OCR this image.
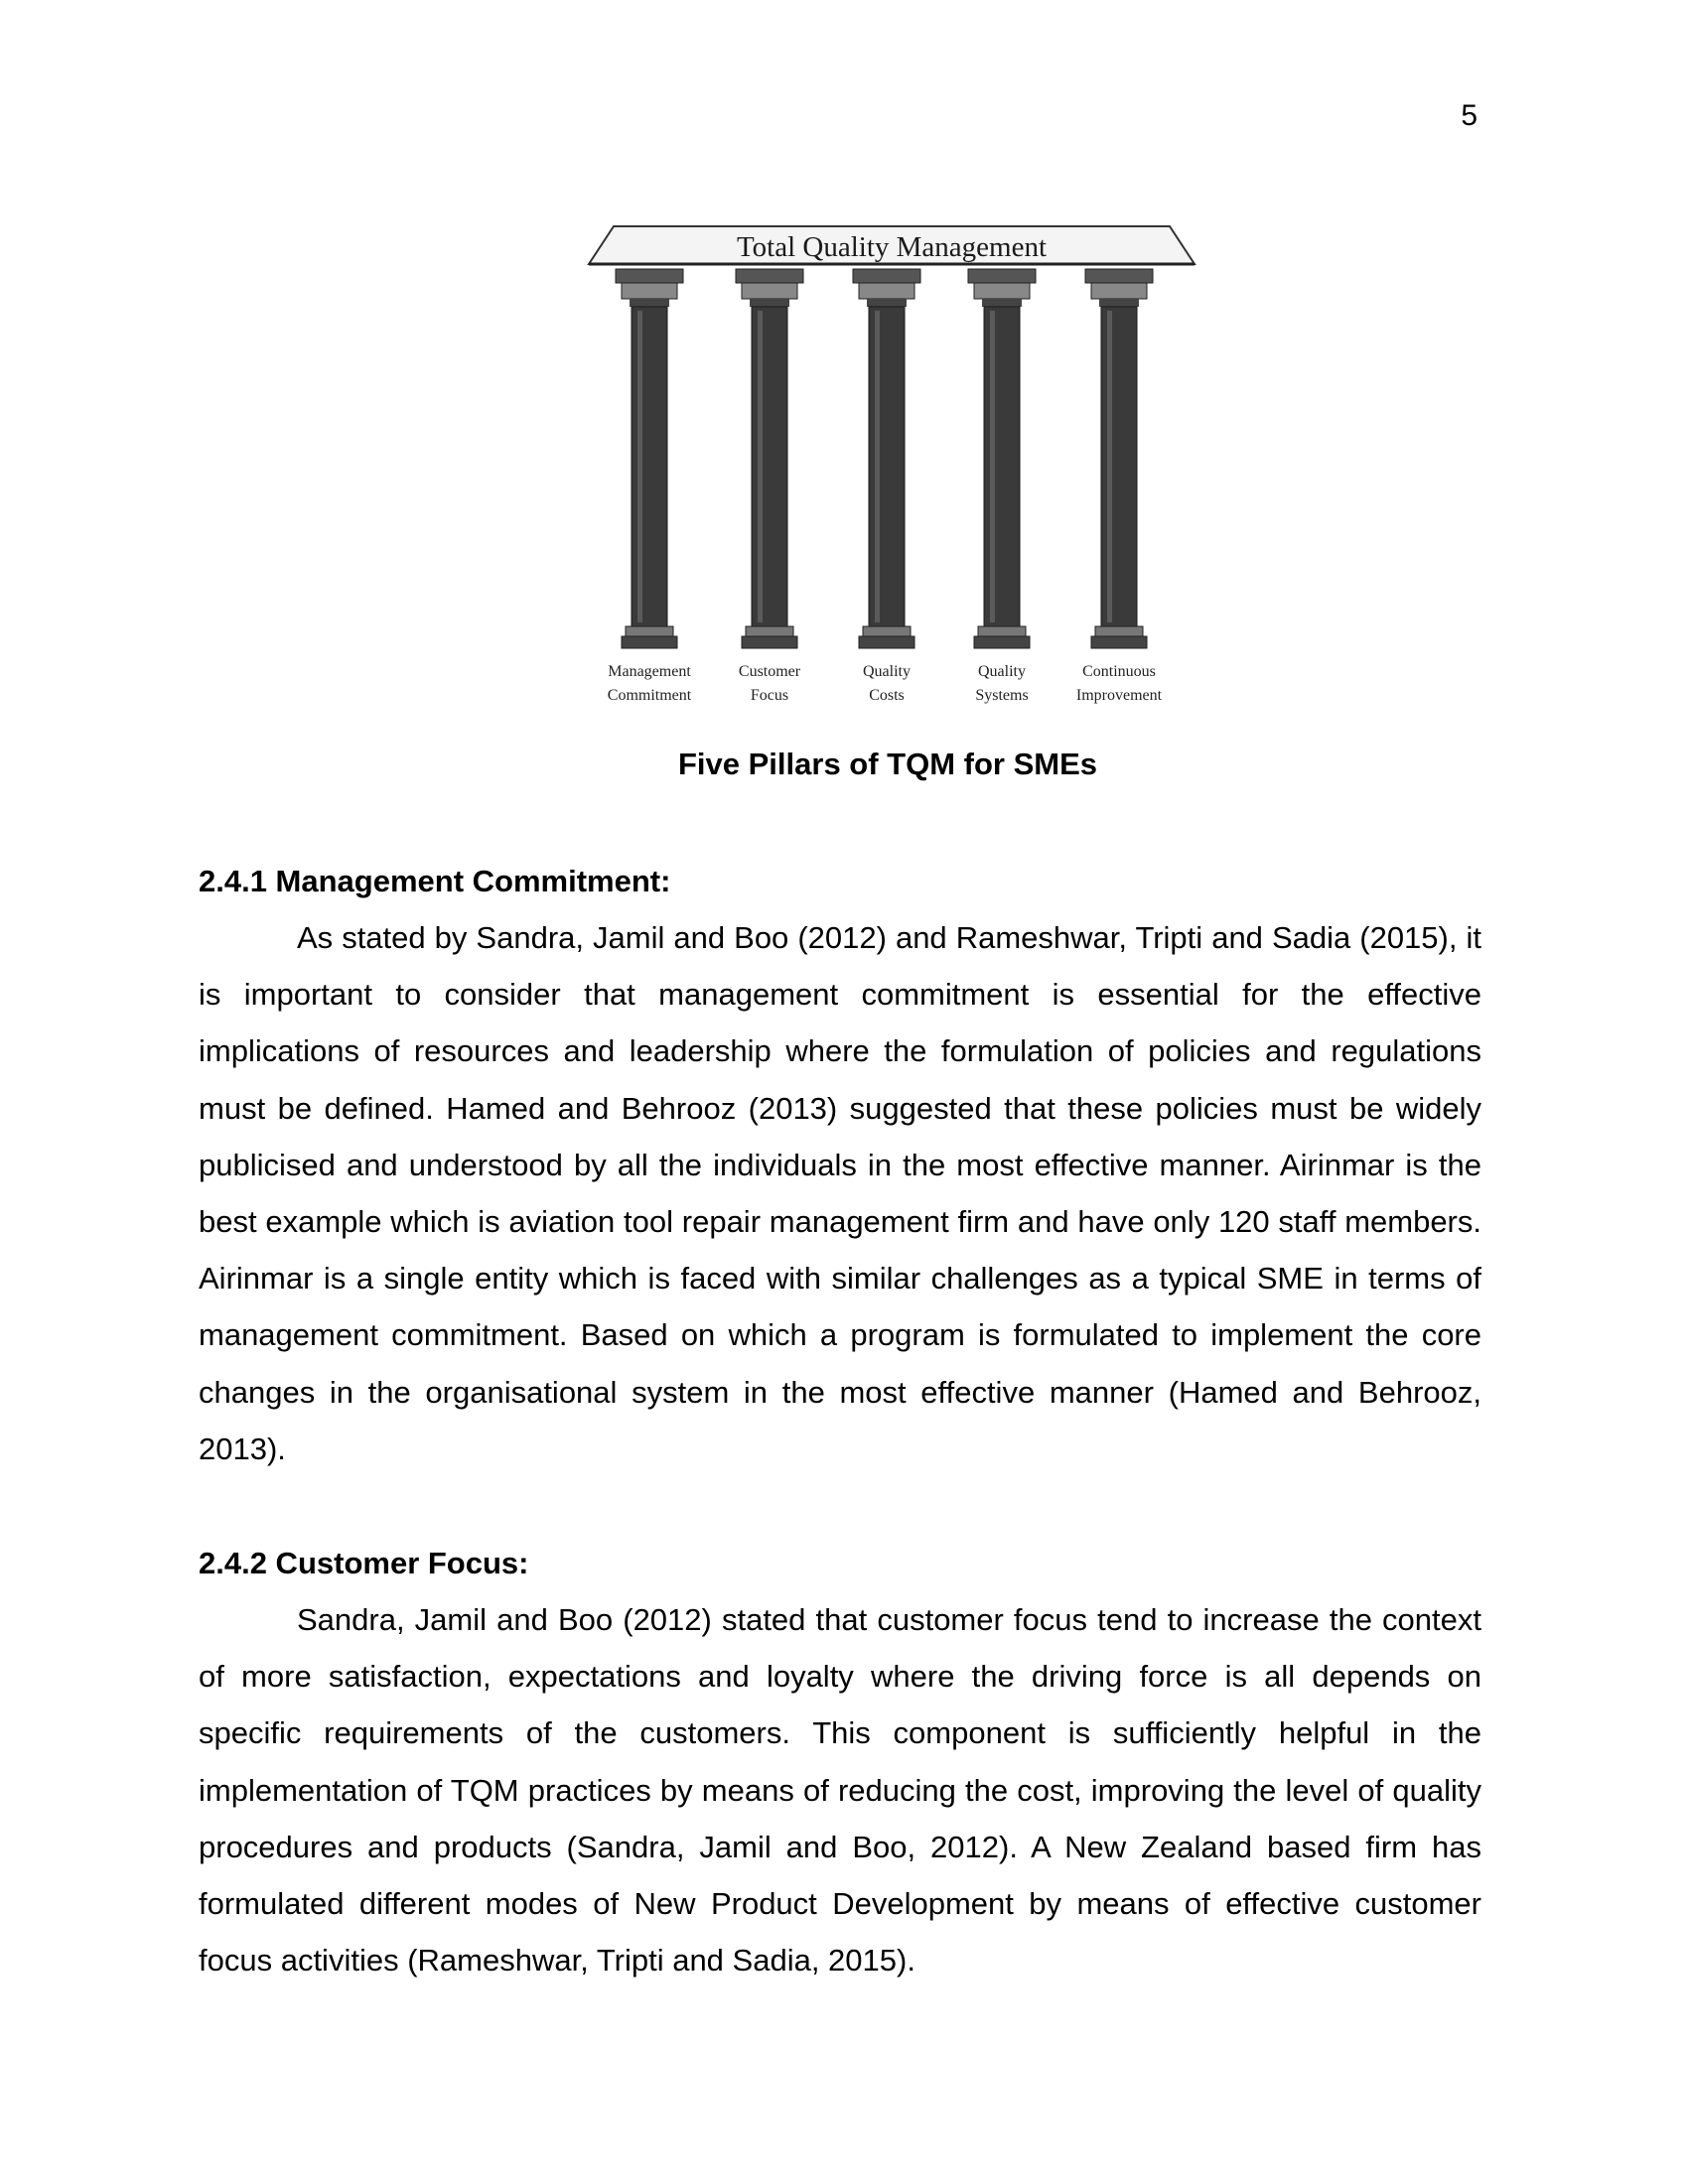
5
Total Quality Management
Management
Commitment
Customer
Focus
Quality
Costs
Quality
Systems
Continuous
Improvement
Five Pillars of TQM for SMEs

2.4.1 Management Commitment:

As stated by Sandra, Jamil and Boo (2012) and Rameshwar, Tripti and Sadia (2015), it is important to consider that management commitment is essential for the effective implications of resources and leadership where the formulation of policies and regulations must be defined. Hamed and Behrooz (2013) suggested that these policies must be widely publicised and understood by all the individuals in the most effective manner. Airinmar is the best example which is aviation tool repair management firm and have only 120 staff members. Airinmar is a single entity which is faced with similar challenges as a typical SME in terms of management commitment. Based on which a program is formulated to implement the core changes in the organisational system in the most effective manner (Hamed and Behrooz, 2013).

2.4.2 Customer Focus:

Sandra, Jamil and Boo (2012) stated that customer focus tend to increase the context of more satisfaction, expectations and loyalty where the driving force is all depends on specific requirements of the customers. This component is sufficiently helpful in the implementation of TQM practices by means of reducing the cost, improving the level of quality procedures and products (Sandra, Jamil and Boo, 2012). A New Zealand based firm has formulated different modes of New Product Development by means of effective customer focus activities (Rameshwar, Tripti and Sadia, 2015).
